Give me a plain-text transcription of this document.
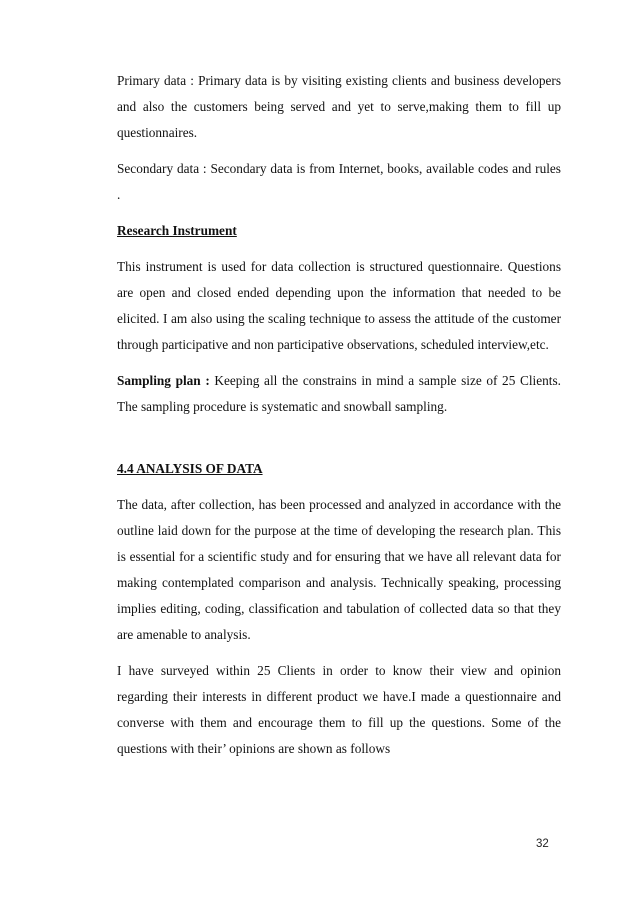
Primary data : Primary data is by visiting existing clients and business developers and also the customers being served and yet to serve,making them to fill up questionnaires.

Secondary data : Secondary data is from Internet, books, available codes and rules .

Research Instrument

This instrument is used for data collection is structured questionnaire. Questions are open and closed ended depending upon the information that needed to be elicited. I am also using the scaling technique to assess the attitude of the customer through participative and non participative observations, scheduled interview,etc.

Sampling plan : Keeping all the constrains in mind a sample size of 25 Clients. The sampling procedure is systematic and snowball sampling.

4.4 ANALYSIS OF DATA

The data, after collection, has been processed and analyzed in accordance with the outline laid down for the purpose at the time of developing the research plan. This is essential for a scientific study and for ensuring that we have all relevant data for making contemplated comparison and analysis. Technically speaking, processing implies editing, coding, classification and tabulation of collected data so that they are amenable to analysis.

I have surveyed within 25 Clients in order to know their view and opinion regarding their interests in different product we have.I made a questionnaire and converse with them and encourage them to fill up the questions. Some of the questions with their’ opinions are shown as follows

32
